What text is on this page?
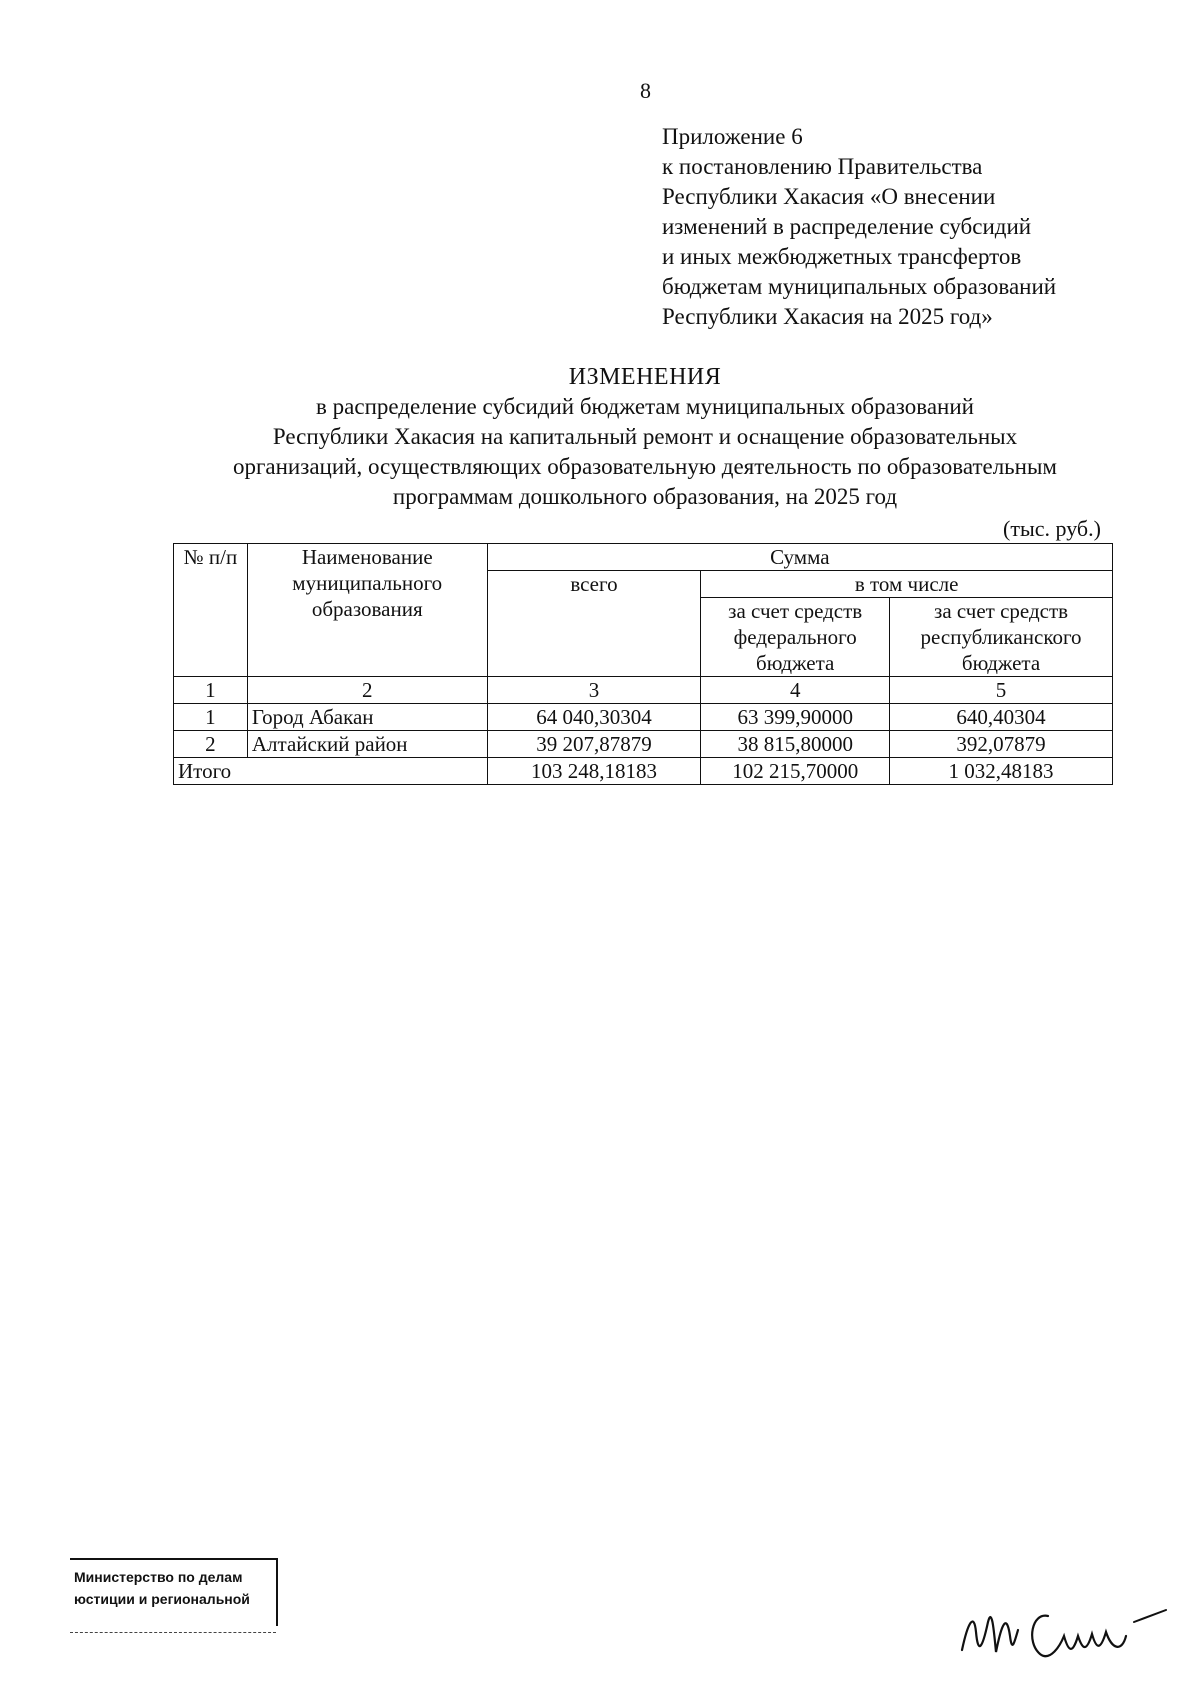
8
Приложение 6
к постановлению Правительства
Республики Хакасия «О внесении
изменений в распределение субсидий
и иных межбюджетных трансфертов
бюджетам муниципальных образований
Республики Хакасия на 2025 год»
ИЗМЕНЕНИЯ
в распределение субсидий бюджетам муниципальных образований
Республики Хакасия на капитальный ремонт и оснащение образовательных
организаций, осуществляющих образовательную деятельность по образовательным
программам дошкольного образования, на 2025 год
(тыс. руб.)
№ п/п	Наименование муниципального образования	Сумма		
		всего	в том числе	
			за счет средств федерального бюджета	за счет средств республиканского бюджета
1	2	3	4	5
1	Город Абакан	64 040,30304	63 399,90000	640,40304
2	Алтайский район	39 207,87879	38 815,80000	392,07879
Итого		103 248,18183	102 215,70000	1 032,48183
Министерство по делам
юстиции и региональной
